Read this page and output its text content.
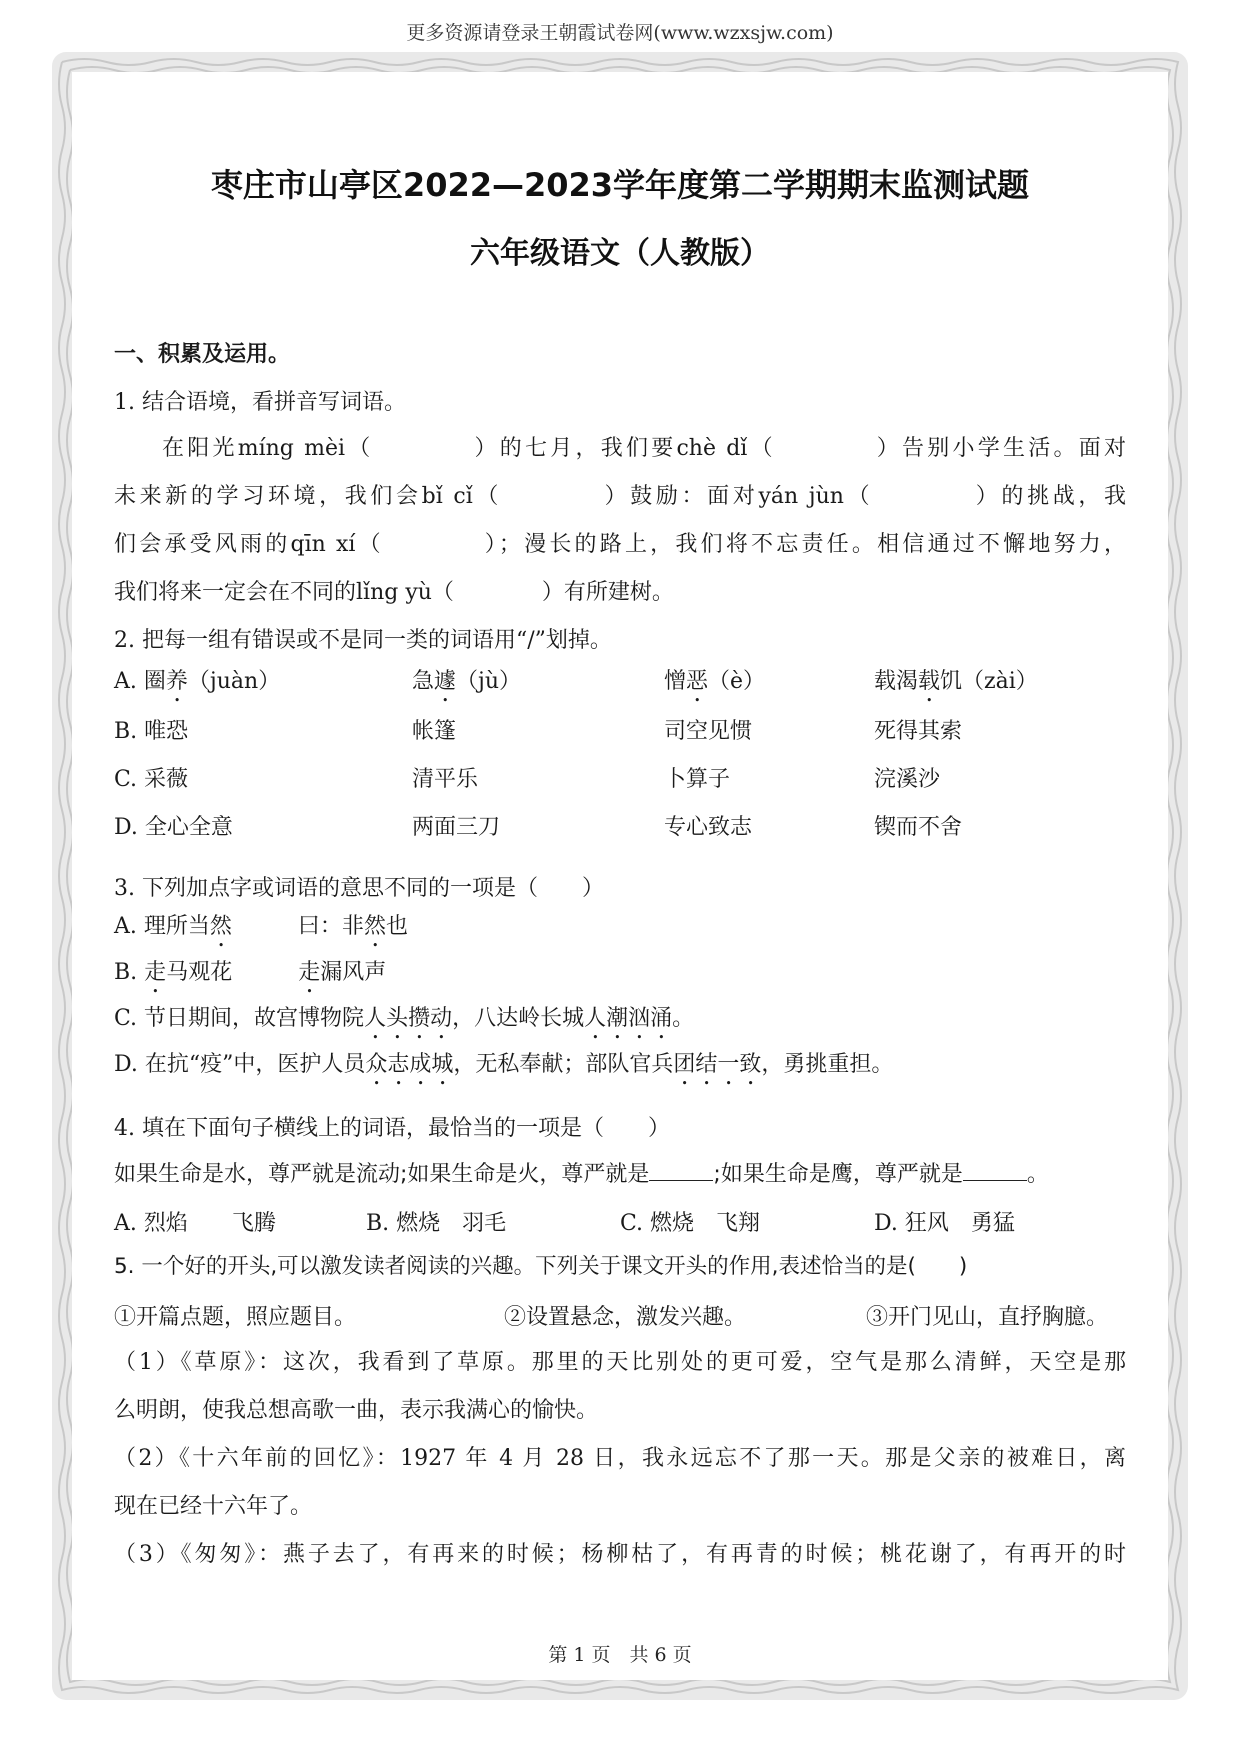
更多资源请登录王朝霞试卷网(www.wzxsjw.com)
枣庄市山亭区2022—2023学年度第二学期期末监测试题
六年级语文（人教版）
一、积累及运用。
1. 结合语境，看拼音写词语。
在阳光míng mèi（　　　　）的七月，我们要chè dǐ（　　　　）告别小学生活。面对
未来新的学习环境，我们会bǐ cǐ（　　　　）鼓励：面对yán jùn（　　　　）的挑战，我
们会承受风雨的qīn xí（　　　　）；漫长的路上，我们将不忘责任。相信通过不懈地努力，
我们将来一定会在不同的lǐng yù（　　　　）有所建树。
2. 把每一组有错误或不是同一类的词语用“/”划掉。
A. 圈养（juàn）	急遽（jù）	憎恶（è）	载渴载饥（zài）
B. 唯恐	帐篷	司空见惯	死得其索
C. 采薇	清平乐	卜算子	浣溪沙
D. 全心全意	两面三刀	专心致志	锲而不舍
3. 下列加点字或词语的意思不同的一项是（　　）
A. 理所当然　　　曰：非然也
B. 走马观花　　　	走漏风声
C. 节日期间，故宫博物院人头攒动，八达岭长城人潮汹涌。
D. 在抗“疫”中，医护人员众志成城，无私奉献；部队官兵团结一致，勇挑重担。
4. 填在下面句子横线上的词语，最恰当的一项是（　　）
如果生命是水，尊严就是流动;如果生命是火，尊严就是	;如果生命是鹰，尊严就是	。
A. 烈焰　　飞腾	B. 燃烧　羽毛	C. 燃烧　飞翔	D. 狂风　勇猛
5. 一个好的开头,可以激发读者阅读的兴趣。下列关于课文开头的作用,表述恰当的是(　　)
①开篇点题，照应题目。	②设置悬念，激发兴趣。	③开门见山，直抒胸臆。
（1）《草原》：这次，我看到了草原。那里的天比别处的更可爱，空气是那么清鲜，天空是那
么明朗，使我总想高歌一曲，表示我满心的愉快。
（2）《十六年前的回忆》：1927 年 4 月 28 日，我永远忘不了那一天。那是父亲的被难日，离
现在已经十六年了。
（3）《匆匆》：燕子去了，有再来的时候；杨柳枯了，有再青的时候；桃花谢了，有再开的时
第 1 页　共 6 页
